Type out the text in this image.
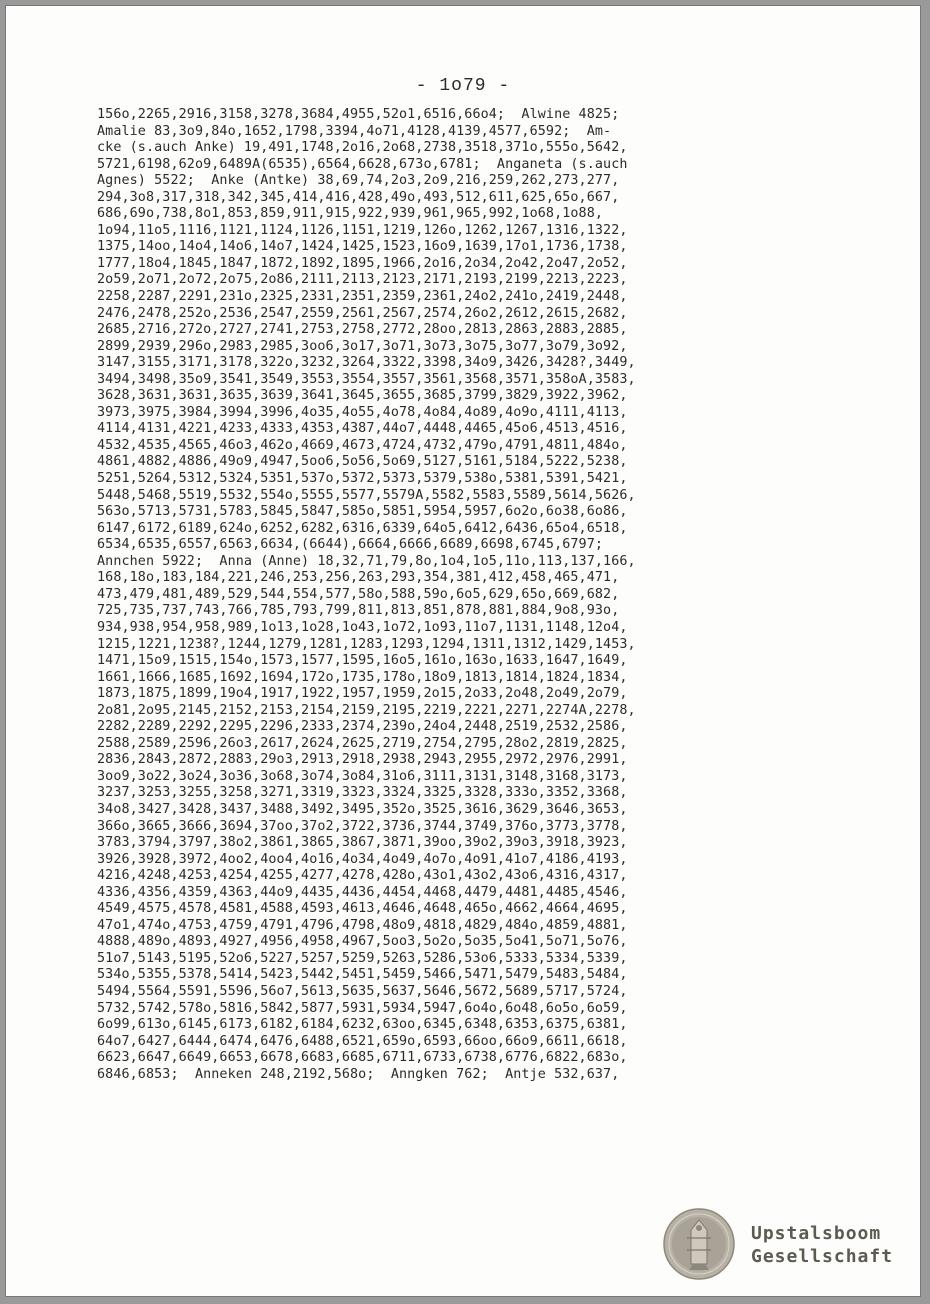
- 1o79 -
156o,2265,2916,3158,3278,3684,4955,52o1,6516,66o4;  Alwine 4825;
Amalie 83,3o9,84o,1652,1798,3394,4o71,4128,4139,4577,6592;  Am-
cke (s.auch Anke) 19,491,1748,2o16,2o68,2738,3518,371o,555o,5642,
5721,6198,62o9,6489A(6535),6564,6628,673o,6781;  Anganeta (s.auch
Agnes) 5522;  Anke (Antke) 38,69,74,2o3,2o9,216,259,262,273,277,
294,3o8,317,318,342,345,414,416,428,49o,493,512,611,625,65o,667,
686,69o,738,8o1,853,859,911,915,922,939,961,965,992,1o68,1o88,
1o94,11o5,1116,1121,1124,1126,1151,1219,126o,1262,1267,1316,1322,
1375,14oo,14o4,14o6,14o7,1424,1425,1523,16o9,1639,17o1,1736,1738,
1777,18o4,1845,1847,1872,1892,1895,1966,2o16,2o34,2o42,2o47,2o52,
2o59,2o71,2o72,2o75,2o86,2111,2113,2123,2171,2193,2199,2213,2223,
2258,2287,2291,231o,2325,2331,2351,2359,2361,24o2,241o,2419,2448,
2476,2478,252o,2536,2547,2559,2561,2567,2574,26o2,2612,2615,2682,
2685,2716,272o,2727,2741,2753,2758,2772,28oo,2813,2863,2883,2885,
2899,2939,296o,2983,2985,3oo6,3o17,3o71,3o73,3o75,3o77,3o79,3o92,
3147,3155,3171,3178,322o,3232,3264,3322,3398,34o9,3426,3428?,3449,
3494,3498,35o9,3541,3549,3553,3554,3557,3561,3568,3571,358oA,3583,
3628,3631,3631,3635,3639,3641,3645,3655,3685,3799,3829,3922,3962,
3973,3975,3984,3994,3996,4o35,4o55,4o78,4o84,4o89,4o9o,4111,4113,
4114,4131,4221,4233,4333,4353,4387,44o7,4448,4465,45o6,4513,4516,
4532,4535,4565,46o3,462o,4669,4673,4724,4732,479o,4791,4811,484o,
4861,4882,4886,49o9,4947,5oo6,5o56,5o69,5127,5161,5184,5222,5238,
5251,5264,5312,5324,5351,537o,5372,5373,5379,538o,5381,5391,5421,
5448,5468,5519,5532,554o,5555,5577,5579A,5582,5583,5589,5614,5626,
563o,5713,5731,5783,5845,5847,585o,5851,5954,5957,6o2o,6o38,6o86,
6147,6172,6189,624o,6252,6282,6316,6339,64o5,6412,6436,65o4,6518,
6534,6535,6557,6563,6634,(6644),6664,6666,6689,6698,6745,6797;
Annchen 5922;  Anna (Anne) 18,32,71,79,8o,1o4,1o5,11o,113,137,166,
168,18o,183,184,221,246,253,256,263,293,354,381,412,458,465,471,
473,479,481,489,529,544,554,577,58o,588,59o,6o5,629,65o,669,682,
725,735,737,743,766,785,793,799,811,813,851,878,881,884,9o8,93o,
934,938,954,958,989,1o13,1o28,1o43,1o72,1o93,11o7,1131,1148,12o4,
1215,1221,1238?,1244,1279,1281,1283,1293,1294,1311,1312,1429,1453,
1471,15o9,1515,154o,1573,1577,1595,16o5,161o,163o,1633,1647,1649,
1661,1666,1685,1692,1694,172o,1735,178o,18o9,1813,1814,1824,1834,
1873,1875,1899,19o4,1917,1922,1957,1959,2o15,2o33,2o48,2o49,2o79,
2o81,2o95,2145,2152,2153,2154,2159,2195,2219,2221,2271,2274A,2278,
2282,2289,2292,2295,2296,2333,2374,239o,24o4,2448,2519,2532,2586,
2588,2589,2596,26o3,2617,2624,2625,2719,2754,2795,28o2,2819,2825,
2836,2843,2872,2883,29o3,2913,2918,2938,2943,2955,2972,2976,2991,
3oo9,3o22,3o24,3o36,3o68,3o74,3o84,31o6,3111,3131,3148,3168,3173,
3237,3253,3255,3258,3271,3319,3323,3324,3325,3328,333o,3352,3368,
34o8,3427,3428,3437,3488,3492,3495,352o,3525,3616,3629,3646,3653,
366o,3665,3666,3694,37oo,37o2,3722,3736,3744,3749,376o,3773,3778,
3783,3794,3797,38o2,3861,3865,3867,3871,39oo,39o2,39o3,3918,3923,
3926,3928,3972,4oo2,4oo4,4o16,4o34,4o49,4o7o,4o91,41o7,4186,4193,
4216,4248,4253,4254,4255,4277,4278,428o,43o1,43o2,43o6,4316,4317,
4336,4356,4359,4363,44o9,4435,4436,4454,4468,4479,4481,4485,4546,
4549,4575,4578,4581,4588,4593,4613,4646,4648,465o,4662,4664,4695,
47o1,474o,4753,4759,4791,4796,4798,48o9,4818,4829,484o,4859,4881,
4888,489o,4893,4927,4956,4958,4967,5oo3,5o2o,5o35,5o41,5o71,5o76,
51o7,5143,5195,52o6,5227,5257,5259,5263,5286,53o6,5333,5334,5339,
534o,5355,5378,5414,5423,5442,5451,5459,5466,5471,5479,5483,5484,
5494,5564,5591,5596,56o7,5613,5635,5637,5646,5672,5689,5717,5724,
5732,5742,578o,5816,5842,5877,5931,5934,5947,6o4o,6o48,6o5o,6o59,
6o99,613o,6145,6173,6182,6184,6232,63oo,6345,6348,6353,6375,6381,
64o7,6427,6444,6474,6476,6488,6521,659o,6593,66oo,66o9,6611,6618,
6623,6647,6649,6653,6678,6683,6685,6711,6733,6738,6776,6822,683o,
6846,6853;  Anneken 248,2192,568o;  Anngken 762;  Antje 532,637,
Upstalsboom
Gesellschaft
